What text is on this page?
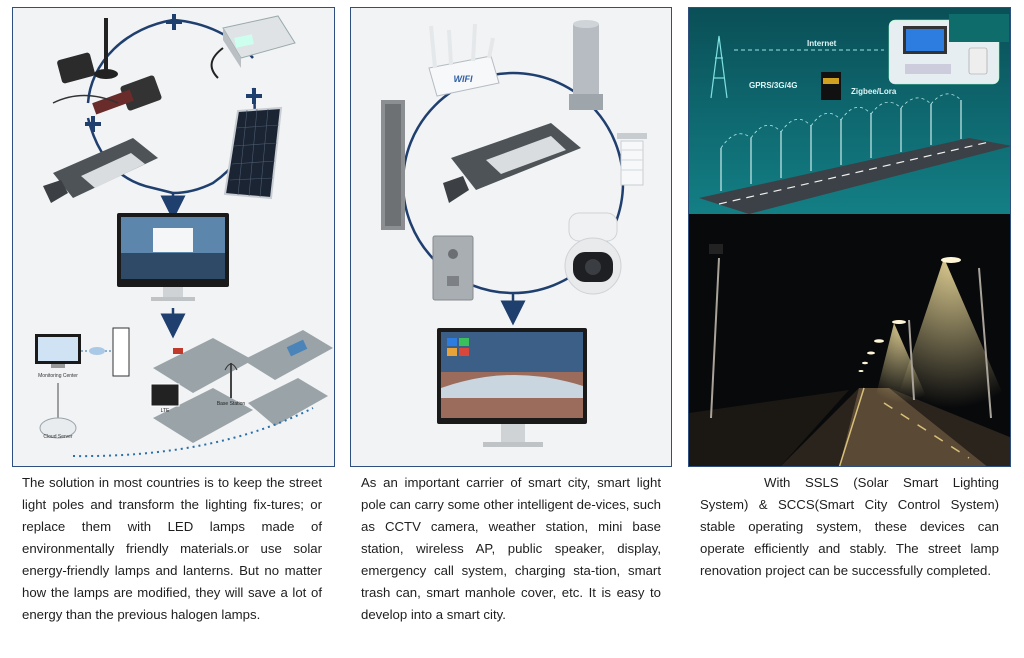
Monitoring Center
Cloud Server
Base Station
LTE
WIFI
Internet
GPRS/3G/4G
Zigbee/Lora
The solution in most countries is to keep the street light poles and transform the lighting fix-tures; or replace them with LED lamps made of environmentally friendly materials.or use solar energy-friendly lamps and lanterns. But no matter how the lamps are modified, they will save a lot of energy than the previous halogen lamps.
As an important carrier of smart city, smart light pole can carry some other intelligent de-vices, such as CCTV camera, weather station, mini base station, wireless AP, public speaker, display, emergency call system, charging sta-tion, smart trash can, smart manhole cover, etc. It is easy to develop into a smart city.
With SSLS (Solar Smart Lighting System) & SCCS(Smart City Control System) stable operating system, these devices can operate efficiently and stably. The street lamp renovation project can be successfully completed.
